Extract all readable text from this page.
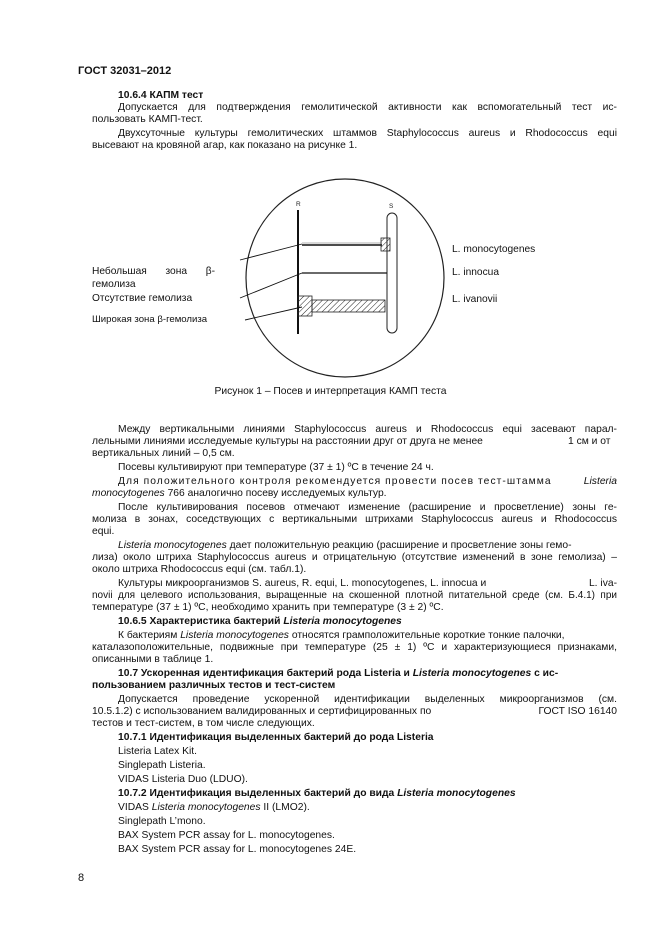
ГОСТ 32031–2012
10.6.4 КАПМ тест
Допускается для подтверждения гемолитической активности как вспомогательный тест ис-
пользовать КАМП-тест.
Двухсуточные культуры гемолитических штаммов Staphylococcus aureus и Rhodococcus equi
высевают на кровяной агар, как показано на рисунке 1.
R	S
L. monocytogenes
L. innocua
L. ivanovii
Небольшая зона β-
гемолиза
Отсутствие гемолиза
Широкая зона β-гемолиза
Рисунок 1 – Посев и интерпретация КАМП теста
Между вертикальными линиями Staphylococcus aureus и Rhodococcus equi засевают парал-
лельными линиями исследуемые культуры на расстоянии друг от друга не менее	1 см и от
вертикальных линий – 0,5 см.
Посевы культивируют при температуре (37 ± 1) ºС в течение 24 ч.
Для положительного контроля рекомендуется провести посев тест-штамма	Listeria
monocytogenes 766 аналогично посеву исследуемых культур.
После культивирования посевов отмечают изменение (расширение и просветление) зоны ге-
молиза в зонах, соседствующих с вертикальными штрихами Staphylococcus aureus и Rhodococcus
equi.
Listeria monocytogenes дает положительную реакцию (расширение и просветление зоны гемо-
лиза) около штриха Staphylococcus aureus и отрицательную (отсутствие изменений в зоне гемолиза) –
около штриха Rhodococcus equi (см. табл.1).
Культуры микроорганизмов S. aureus, R. equi, L. monocytogenes, L. innocua и	L. iva-
novii для целевого использования, выращенные на скошенной плотной питательной среде (см. Б.4.1) при
температуре (37 ± 1) ºС, необходимо хранить при температуре (3 ± 2) ºС.
10.6.5 Характеристика бактерий Listeria monocytogenes
К бактериям Listeria monocytogenes относятся грамположительные короткие тонкие палочки,
каталазоположительные, подвижные при температуре (25 ± 1) ºС и характеризующиеся признаками,
описанными в таблице 1.
10.7 Ускоренная идентификация бактерий рода Listeria и Listeria monocytogenes с ис-
пользованием различных тестов и тест-систем
Допускается проведение ускоренной идентификации выделенных микроорганизмов (см.
10.5.1.2) с использованием валидированных и сертифицированных по	ГОСТ ISO 16140
тестов и тест-систем, в том числе следующих.
10.7.1 Идентификация выделенных бактерий до рода Listeria
Listeria Latex Kit.
Singlepath Listeria.
VIDAS Listeria Duo (LDUO).
10.7.2 Идентификация выделенных бактерий до вида Listeria monocytogenes
VIDAS Listeria monocytogenes ІІ (LMO2).
Singlepath L’mono.
BAX System PCR assay for L. monocytogenes.
BAX System PCR assay for L. monocytogenes 24E.
8
